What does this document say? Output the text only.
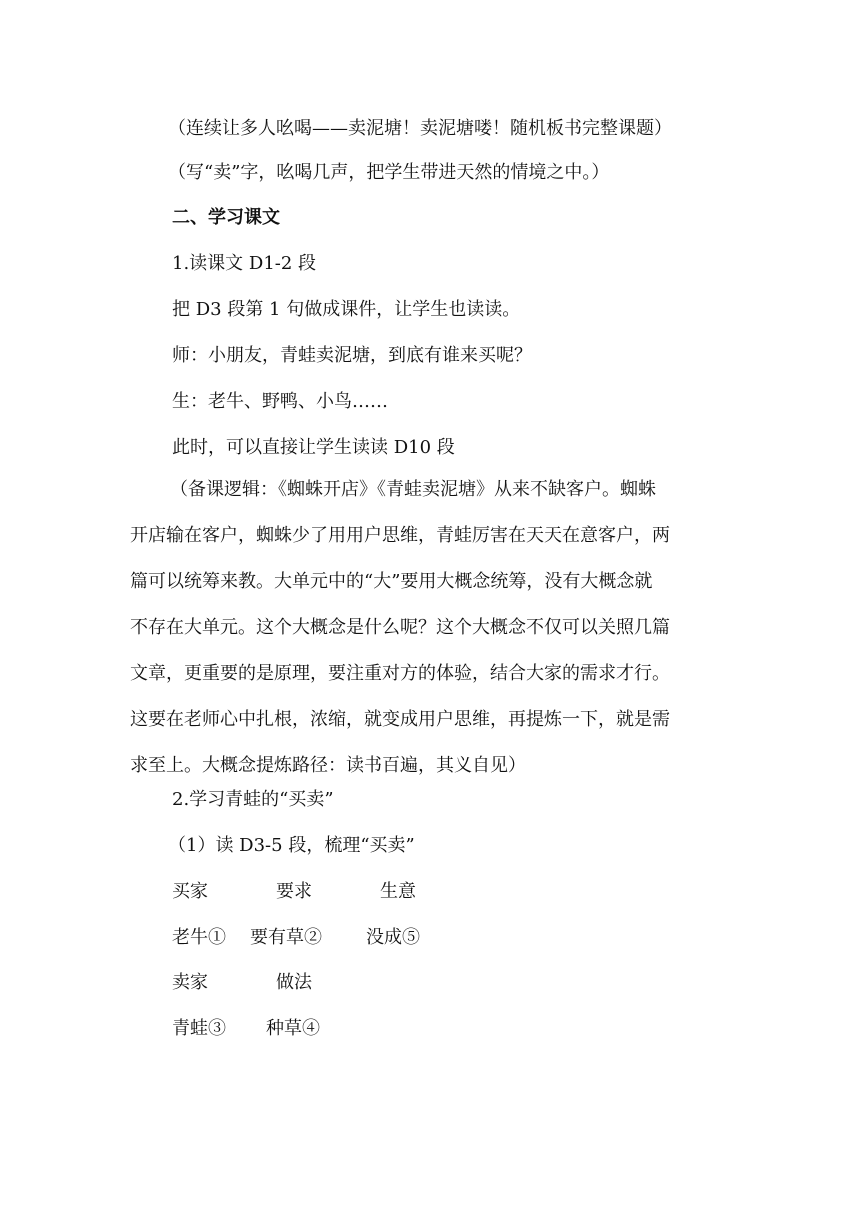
（连续让多人吆喝——卖泥塘！卖泥塘喽！随机板书完整课题）
（写“卖”字，吆喝几声，把学生带进天然的情境之中。）
二、学习课文
1.读课文 D1-2 段
把 D3 段第 1 句做成课件，让学生也读读。
师：小朋友，青蛙卖泥塘，到底有谁来买呢？
生：老牛、野鸭、小鸟……
此时，可以直接让学生读读 D10 段
（备课逻辑：《蜘蛛开店》《青蛙卖泥塘》从来不缺客户。蜘蛛
开店输在客户，蜘蛛少了用用户思维，青蛙厉害在天天在意客户，两
篇可以统筹来教。大单元中的“大”要用大概念统筹，没有大概念就
不存在大单元。这个大概念是什么呢？这个大概念不仅可以关照几篇
文章，更重要的是原理，要注重对方的体验，结合大家的需求才行。
这要在老师心中扎根，浓缩，就变成用户思维，再提炼一下，就是需
求至上。大概念提炼路径：读书百遍，其义自见）
2.学习青蛙的“买卖”
（1）读 D3-5 段，梳理“买卖”
买家	要求	生意
老牛① 要有草② 没成⑤
卖家	做法
青蛙③ 种草④
